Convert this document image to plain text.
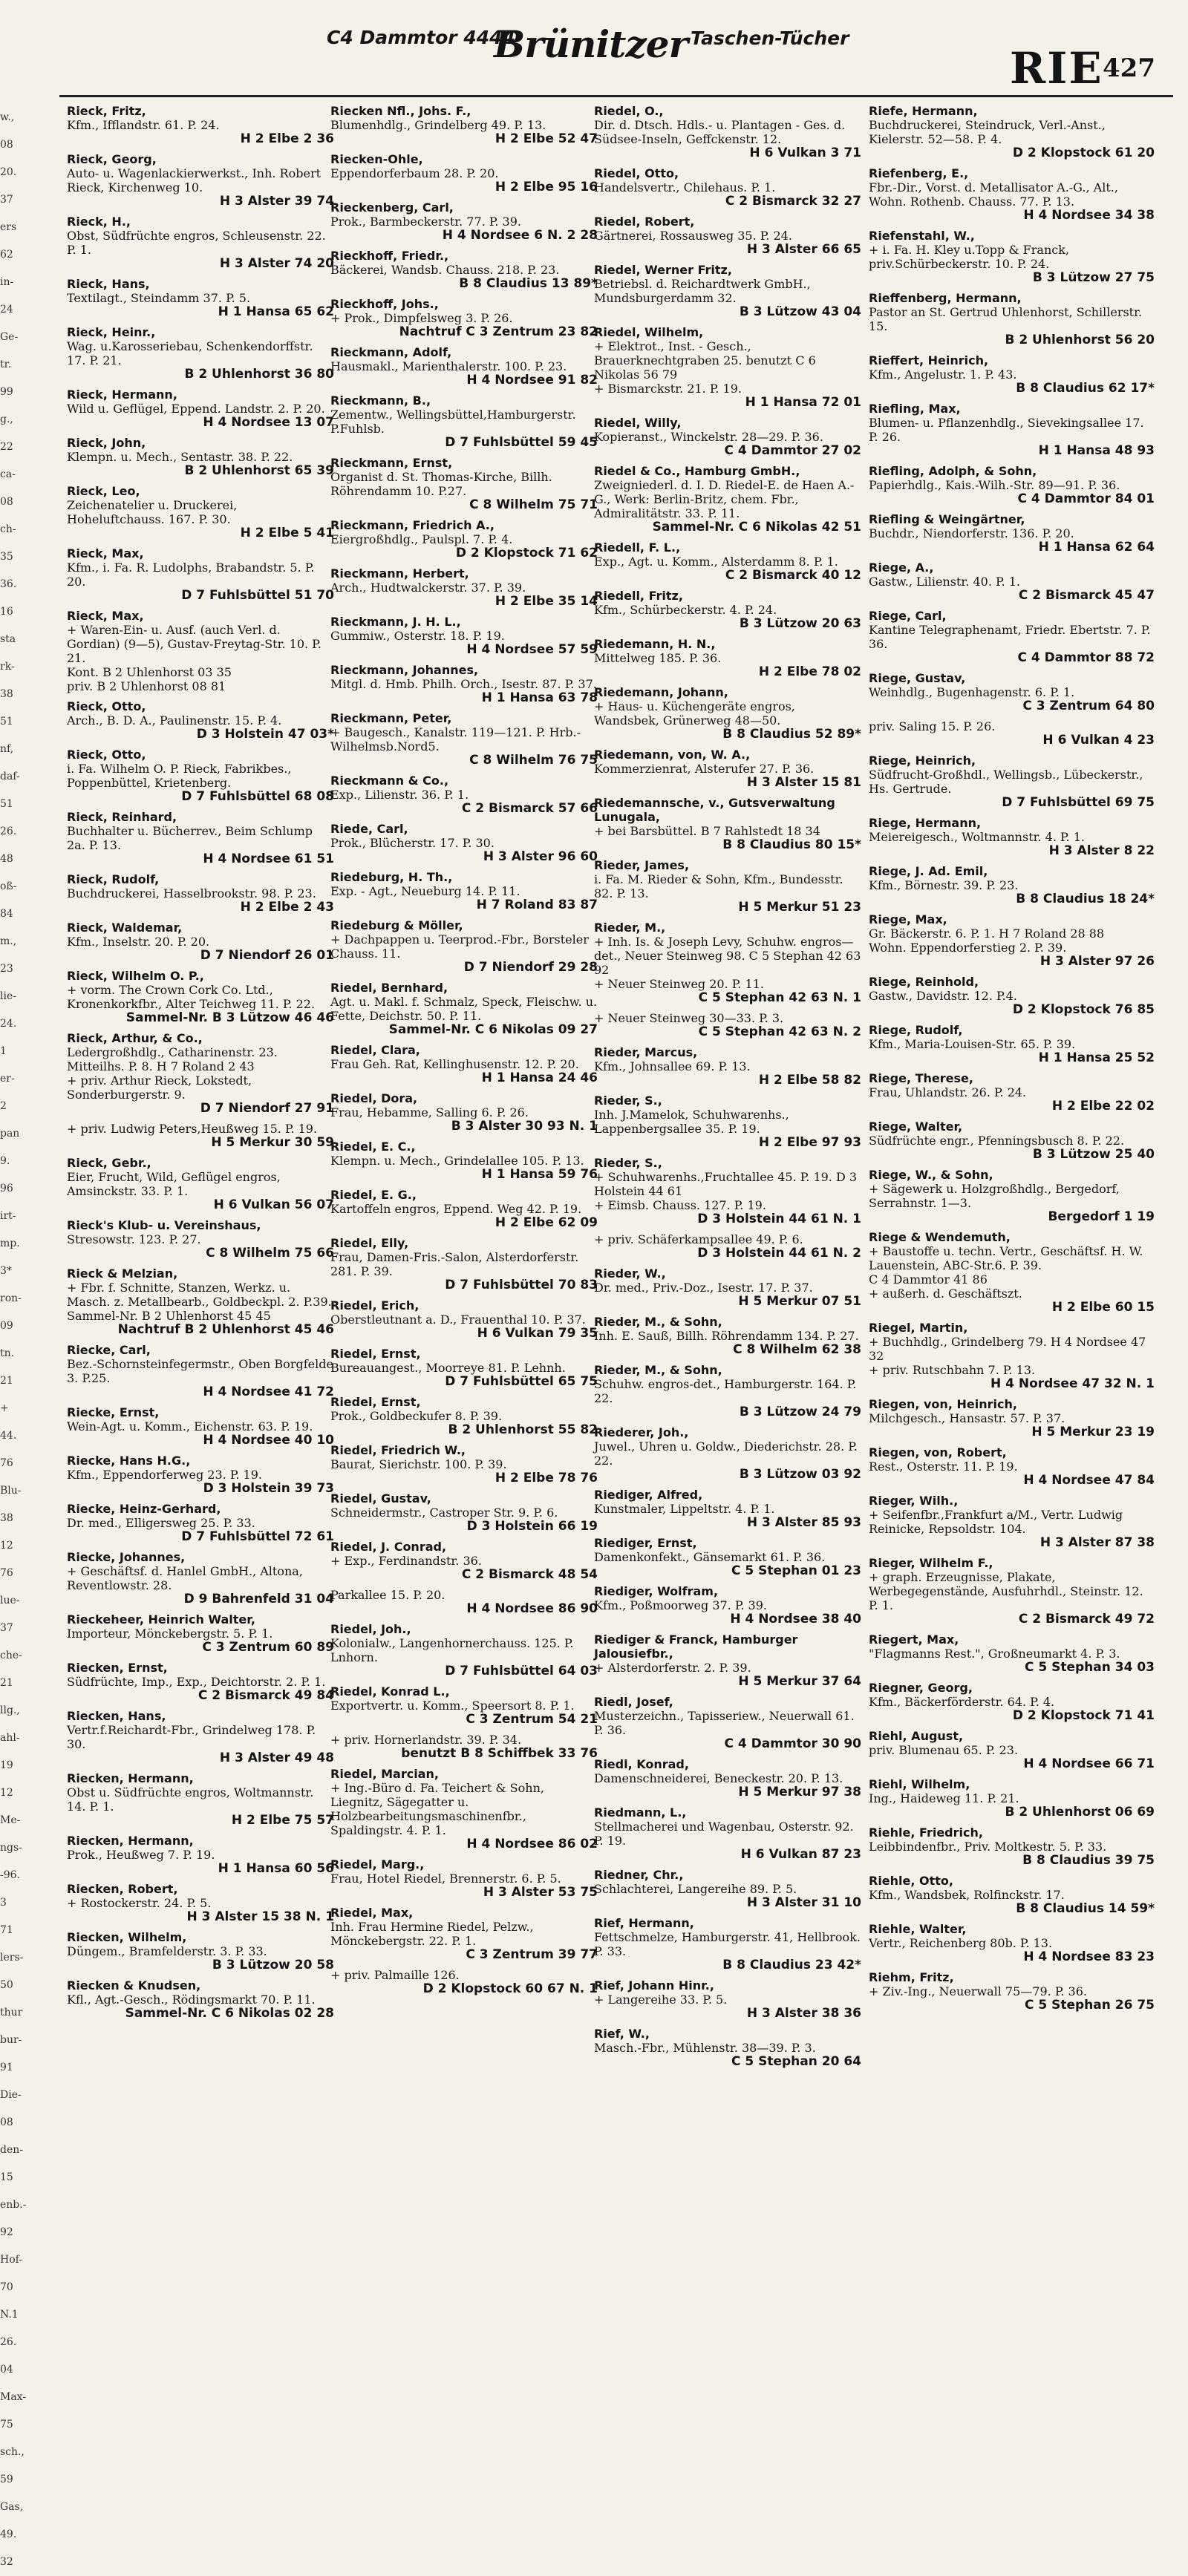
C4 Dammtor 4444
Brünitzer Taschen-Tücher
RIE 427
w.,
08
20.
37
ers
62
in-
24
Ge-
tr.
99
g.,
22
ca-
08
ch-
35
36.
16
sta
rk-
38
51
nf,
daf-
51
26.
48
oß-
84
m.,
23
lie-
24.
1
er-
2
pan
9.
96
irt-
mp.
3*
ron-
09
tn.
21
+
44.
76
Blu-
38
12
76
lue-
37
che-
21
llg.,
ahl-
19
12
Me-
ngs-
-96.
3
71
lers-
50
thur
bur-
91
Die-
08
den-
15
enb.-
92
Hof-
70
N.1
26.
04
Max-
75
sch.,
59
Gas,
49.
32
Rieck, Fritz,
Kfm., Ifflandstr. 61. P. 24.
H 2 Elbe 2 36
Rieck, Georg,
Auto- u. Wagenlackierwerkst., Inh. Robert Rieck, Kirchenweg 10.
H 3 Alster 39 74
Rieck, H.,
Obst, Südfrüchte engros, Schleusenstr. 22. P. 1.
H 3 Alster 74 20
Rieck, Hans,
Textilagt., Steindamm 37. P. 5.
H 1 Hansa 65 62
Rieck, Heinr.,
Wag. u.Karosseriebau, Schenkendorffstr. 17. P. 21.
B 2 Uhlenhorst 36 80
Rieck, Hermann,
Wild u. Geflügel, Eppend. Landstr. 2. P. 20.
H 4 Nordsee 13 07
Rieck, John,
Klempn. u. Mech., Sentastr. 38. P. 22.
B 2 Uhlenhorst 65 39
Rieck, Leo,
Zeichenatelier u. Druckerei, Hoheluftchauss. 167. P. 30.
H 2 Elbe 5 41
Rieck, Max,
Kfm., i. Fa. R. Ludolphs, Brabandstr. 5. P. 20.
D 7 Fuhlsbüttel 51 70
Rieck, Max,
+ Waren-Ein- u. Ausf. (auch Verl. d. Gordian) (9—5), Gustav-Freytag-Str. 10. P. 21.
Kont. B 2 Uhlenhorst 03 35
priv. B 2 Uhlenhorst 08 81
Rieck, Otto,
Arch., B. D. A., Paulinenstr. 15. P. 4.
D 3 Holstein 47 03*
Rieck, Otto,
i. Fa. Wilhelm O. P. Rieck, Fabrikbes., Poppenbüttel, Krietenberg.
D 7 Fuhlsbüttel 68 08
Rieck, Reinhard,
Buchhalter u. Bücherrev., Beim Schlump 2a. P. 13.
H 4 Nordsee 61 51
Rieck, Rudolf,
Buchdruckerei, Hasselbrookstr. 98. P. 23.
H 2 Elbe 2 43
Rieck, Waldemar,
Kfm., Inselstr. 20. P. 20.
D 7 Niendorf 26 01
Rieck, Wilhelm O. P.,
+ vorm. The Crown Cork Co. Ltd., Kronenkorkfbr., Alter Teichweg 11. P. 22.
Sammel-Nr. B 3 Lützow 46 46
Rieck, Arthur, & Co.,
Ledergroßhdlg., Catharinenstr. 23. Mitteilhs. P. 8. H 7 Roland 2 43
+ priv. Arthur Rieck, Lokstedt, Sonderburgerstr. 9.
D 7 Niendorf 27 91
+ priv. Ludwig Peters,Heußweg 15. P. 19.
H 5 Merkur 30 59
Rieck, Gebr.,
Eier, Frucht, Wild, Geflügel engros, Amsinckstr. 33. P. 1.
H 6 Vulkan 56 07
Rieck's Klub- u. Vereinshaus,
Stresowstr. 123. P. 27.
C 8 Wilhelm 75 66
Rieck & Melzian,
+ Fbr. f. Schnitte, Stanzen, Werkz. u. Masch. z. Metallbearb., Goldbeckpl. 2. P.39.
Sammel-Nr. B 2 Uhlenhorst 45 45
Nachtruf B 2 Uhlenhorst 45 46
Riecke, Carl,
Bez.-Schornsteinfegermstr., Oben Borgfelde 3. P.25.
H 4 Nordsee 41 72
Riecke, Ernst,
Wein-Agt. u. Komm., Eichenstr. 63. P. 19.
H 4 Nordsee 40 10
Riecke, Hans H.G.,
Kfm., Eppendorferweg 23. P. 19.
D 3 Holstein 39 73
Riecke, Heinz-Gerhard,
Dr. med., Elligersweg 25. P. 33.
D 7 Fuhlsbüttel 72 61
Riecke, Johannes,
+ Geschäftsf. d. Hanlel GmbH., Altona, Reventlowstr. 28.
D 9 Bahrenfeld 31 04
Rieckeheer, Heinrich Walter,
Importeur, Mönckebergstr. 5. P. 1.
C 3 Zentrum 60 89
Riecken, Ernst,
Südfrüchte, Imp., Exp., Deichtorstr. 2. P. 1.
C 2 Bismarck 49 84
Riecken, Hans,
Vertr.f.Reichardt-Fbr., Grindelweg 178. P. 30.
H 3 Alster 49 48
Riecken, Hermann,
Obst u. Südfrüchte engros, Woltmannstr. 14. P. 1.
H 2 Elbe 75 57
Riecken, Hermann,
Prok., Heußweg 7. P. 19.
H 1 Hansa 60 56
Riecken, Robert,
+ Rostockerstr. 24. P. 5.
H 3 Alster 15 38 N. 1
Riecken, Wilhelm,
Düngem., Bramfelderstr. 3. P. 33.
B 3 Lützow 20 58
Riecken & Knudsen,
Kfl., Agt.-Gesch., Rödingsmarkt 70. P. 11.
Sammel-Nr. C 6 Nikolas 02 28
Riecken Nfl., Johs. F.,
Blumenhdlg., Grindelberg 49. P. 13.
H 2 Elbe 52 47
Riecken-Ohle,
Eppendorferbaum 28. P. 20.
H 2 Elbe 95 16
Rieckenberg, Carl,
Prok., Barmbeckerstr. 77. P. 39.
H 4 Nordsee 6 N. 2 28
Rieckhoff, Friedr.,
Bäckerei, Wandsb. Chauss. 218. P. 23.
B 8 Claudius 13 89*
Rieckhoff, Johs.,
+ Prok., Dimpfelsweg 3. P. 26.
Nachtruf C 3 Zentrum 23 82
Rieckmann, Adolf,
Hausmakl., Marienthalerstr. 100. P. 23.
H 4 Nordsee 91 82
Rieckmann, B.,
Zementw., Wellingsbüttel,Hamburgerstr. P.Fuhlsb.
D 7 Fuhlsbüttel 59 45
Rieckmann, Ernst,
Organist d. St. Thomas-Kirche, Billh. Röhrendamm 10. P.27.
C 8 Wilhelm 75 71
Rieckmann, Friedrich A.,
Eiergroßhdlg., Paulspl. 7. P. 4.
D 2 Klopstock 71 62
Rieckmann, Herbert,
Arch., Hudtwalckerstr. 37. P. 39.
H 2 Elbe 35 14
Rieckmann, J. H. L.,
Gummiw., Osterstr. 18. P. 19.
H 4 Nordsee 57 59
Rieckmann, Johannes,
Mitgl. d. Hmb. Philh. Orch., Isestr. 87. P. 37.
H 1 Hansa 63 78
Rieckmann, Peter,
+ Baugesch., Kanalstr. 119—121. P. Hrb.-Wilhelmsb.Nord5.
C 8 Wilhelm 76 75
Rieckmann & Co.,
Exp., Lilienstr. 36. P. 1.
C 2 Bismarck 57 66
Riede, Carl,
Prok., Blücherstr. 17. P. 30.
H 3 Alster 96 60
Riedeburg, H. Th.,
Exp. - Agt., Neueburg 14. P. 11.
H 7 Roland 83 87
Riedeburg & Möller,
+ Dachpappen u. Teerprod.-Fbr., Borsteler Chauss. 11.
D 7 Niendorf 29 28
Riedel, Bernhard,
Agt. u. Makl. f. Schmalz, Speck, Fleischw. u. Fette, Deichstr. 50. P. 11.
Sammel-Nr. C 6 Nikolas 09 27
Riedel, Clara,
Frau Geh. Rat, Kellinghusenstr. 12. P. 20.
H 1 Hansa 24 46
Riedel, Dora,
Frau, Hebamme, Salling 6. P. 26.
B 3 Alster 30 93 N. 1
Riedel, E. C.,
Klempn. u. Mech., Grindelallee 105. P. 13.
H 1 Hansa 59 76
Riedel, E. G.,
Kartoffeln engros, Eppend. Weg 42. P. 19.
H 2 Elbe 62 09
Riedel, Elly,
Frau, Damen-Fris.-Salon, Alsterdorferstr. 281. P. 39.
D 7 Fuhlsbüttel 70 83
Riedel, Erich,
Oberstleutnant a. D., Frauenthal 10. P. 37.
H 6 Vulkan 79 35
Riedel, Ernst,
Bureauangest., Moorreye 81. P. Lehnh.
D 7 Fuhlsbüttel 65 75
Riedel, Ernst,
Prok., Goldbeckufer 8. P. 39.
B 2 Uhlenhorst 55 82
Riedel, Friedrich W.,
Baurat, Sierichstr. 100. P. 39.
H 2 Elbe 78 76
Riedel, Gustav,
Schneidermstr., Castroper Str. 9. P. 6.
D 3 Holstein 66 19
Riedel, J. Conrad,
+ Exp., Ferdinandstr. 36.
C 2 Bismarck 48 54
Parkallee 15. P. 20.
H 4 Nordsee 86 90
Riedel, Joh.,
Kolonialw., Langenhornerchauss. 125. P. Lnhorn.
D 7 Fuhlsbüttel 64 03
Riedel, Konrad L.,
Exportvertr. u. Komm., Speersort 8. P. 1.
C 3 Zentrum 54 21
+ priv. Hornerlandstr. 39. P. 34.
benutzt B 8 Schiffbek 33 76
Riedel, Marcian,
+ Ing.-Büro d. Fa. Teichert & Sohn, Liegnitz, Sägegatter u. Holzbearbeitungsmaschinenfbr., Spaldingstr. 4. P. 1.
H 4 Nordsee 86 02
Riedel, Marg.,
Frau, Hotel Riedel, Brennerstr. 6. P. 5.
H 3 Alster 53 75
Riedel, Max,
Inh. Frau Hermine Riedel, Pelzw., Mönckebergstr. 22. P. 1.
C 3 Zentrum 39 77
+ priv. Palmaille 126.
D 2 Klopstock 60 67 N. 1
Riedel, O.,
Dir. d. Dtsch. Hdls.- u. Plantagen - Ges. d. Südsee-Inseln, Geffckenstr. 12.
H 6 Vulkan 3 71
Riedel, Otto,
Handelsvertr., Chilehaus. P. 1.
C 2 Bismarck 32 27
Riedel, Robert,
Gärtnerei, Rossausweg 35. P. 24.
H 3 Alster 66 65
Riedel, Werner Fritz,
Betriebsl. d. Reichardtwerk GmbH., Mundsburgerdamm 32.
B 3 Lützow 43 04
Riedel, Wilhelm,
+ Elektrot., Inst. - Gesch., Brauerknechtgraben 25. benutzt C 6 Nikolas 56 79
+ Bismarckstr. 21. P. 19.
H 1 Hansa 72 01
Riedel, Willy,
Kopieranst., Winckelstr. 28—29. P. 36.
C 4 Dammtor 27 02
Riedel & Co., Hamburg GmbH.,
Zweigniederl. d. I. D. Riedel-E. de Haen A.-G., Werk: Berlin-Britz, chem. Fbr., Admiralitätstr. 33. P. 11.
Sammel-Nr. C 6 Nikolas 42 51
Riedell, F. L.,
Exp., Agt. u. Komm., Alsterdamm 8. P. 1.
C 2 Bismarck 40 12
Riedell, Fritz,
Kfm., Schürbeckerstr. 4. P. 24.
B 3 Lützow 20 63
Riedemann, H. N.,
Mittelweg 185. P. 36.
H 2 Elbe 78 02
Riedemann, Johann,
+ Haus- u. Küchengeräte engros, Wandsbek, Grünerweg 48—50.
B 8 Claudius 52 89*
Riedemann, von, W. A.,
Kommerzienrat, Alsterufer 27. P. 36.
H 3 Alster 15 81
Riedemannsche, v., Gutsverwaltung Lunugala,
+ bei Barsbüttel. B 7 Rahlstedt 18 34
B 8 Claudius 80 15*
Rieder, James,
i. Fa. M. Rieder & Sohn, Kfm., Bundesstr. 82. P. 13.
H 5 Merkur 51 23
Rieder, M.,
+ Inh. Is. & Joseph Levy, Schuhw. engros—det., Neuer Steinweg 98. C 5 Stephan 42 63 92
+ Neuer Steinweg 20. P. 11.
C 5 Stephan 42 63 N. 1
+ Neuer Steinweg 30—33. P. 3.
C 5 Stephan 42 63 N. 2
Rieder, Marcus,
Kfm., Johnsallee 69. P. 13.
H 2 Elbe 58 82
Rieder, S.,
Inh. J.Mamelok, Schuhwarenhs., Lappenbergsallee 35. P. 19.
H 2 Elbe 97 93
Rieder, S.,
+ Schuhwarenhs.,Fruchtallee 45. P. 19. D 3 Holstein 44 61
+ Eimsb. Chauss. 127. P. 19.
D 3 Holstein 44 61 N. 1
+ priv. Schäferkampsallee 49. P. 6.
D 3 Holstein 44 61 N. 2
Rieder, W.,
Dr. med., Priv.-Doz., Isestr. 17. P. 37.
H 5 Merkur 07 51
Rieder, M., & Sohn,
Inh. E. Sauß, Billh. Röhrendamm 134. P. 27.
C 8 Wilhelm 62 38
Rieder, M., & Sohn,
Schuhw. engros-det., Hamburgerstr. 164. P. 22.
B 3 Lützow 24 79
Riederer, Joh.,
Juwel., Uhren u. Goldw., Diederichstr. 28. P. 22.
B 3 Lützow 03 92
Riediger, Alfred,
Kunstmaler, Lippeltstr. 4. P. 1.
H 3 Alster 85 93
Riediger, Ernst,
Damenkonfekt., Gänsemarkt 61. P. 36.
C 5 Stephan 01 23
Riediger, Wolfram,
Kfm., Poßmoorweg 37. P. 39.
H 4 Nordsee 38 40
Riediger & Franck, Hamburger Jalousiefbr.,
+ Alsterdorferstr. 2. P. 39.
H 5 Merkur 37 64
Riedl, Josef,
Musterzeichn., Tapisseriew., Neuerwall 61. P. 36.
C 4 Dammtor 30 90
Riedl, Konrad,
Damenschneiderei, Beneckestr. 20. P. 13.
H 5 Merkur 97 38
Riedmann, L.,
Stellmacherei und Wagenbau, Osterstr. 92. P. 19.
H 6 Vulkan 87 23
Riedner, Chr.,
Schlachterei, Langereihe 89. P. 5.
H 3 Alster 31 10
Rief, Hermann,
Fettschmelze, Hamburgerstr. 41, Hellbrook. P. 33.
B 8 Claudius 23 42*
Rief, Johann Hinr.,
+ Langereihe 33. P. 5.
H 3 Alster 38 36
Rief, W.,
Masch.-Fbr., Mühlenstr. 38—39. P. 3.
C 5 Stephan 20 64
Riefe, Hermann,
Buchdruckerei, Steindruck, Verl.-Anst., Kielerstr. 52—58. P. 4.
D 2 Klopstock 61 20
Riefenberg, E.,
Fbr.-Dir., Vorst. d. Metallisator A.-G., Alt., Wohn. Rothenb. Chauss. 77. P. 13.
H 4 Nordsee 34 38
Riefenstahl, W.,
+ i. Fa. H. Kley u.Topp & Franck, priv.Schürbeckerstr. 10. P. 24.
B 3 Lützow 27 75
Rieffenberg, Hermann,
Pastor an St. Gertrud Uhlenhorst, Schillerstr. 15.
B 2 Uhlenhorst 56 20
Rieffert, Heinrich,
Kfm., Angelustr. 1. P. 43.
B 8 Claudius 62 17*
Riefling, Max,
Blumen- u. Pflanzenhdlg., Sievekingsallee 17. P. 26.
H 1 Hansa 48 93
Riefling, Adolph, & Sohn,
Papierhdlg., Kais.-Wilh.-Str. 89—91. P. 36.
C 4 Dammtor 84 01
Riefling & Weingärtner,
Buchdr., Niendorferstr. 136. P. 20.
H 1 Hansa 62 64
Riege, A.,
Gastw., Lilienstr. 40. P. 1.
C 2 Bismarck 45 47
Riege, Carl,
Kantine Telegraphenamt, Friedr. Ebertstr. 7. P. 36.
C 4 Dammtor 88 72
Riege, Gustav,
Weinhdlg., Bugenhagenstr. 6. P. 1.
C 3 Zentrum 64 80
priv. Saling 15. P. 26.
H 6 Vulkan 4 23
Riege, Heinrich,
Südfrucht-Großhdl., Wellingsb., Lübeckerstr., Hs. Gertrude.
D 7 Fuhlsbüttel 69 75
Riege, Hermann,
Meiereigesch., Woltmannstr. 4. P. 1.
H 3 Alster 8 22
Riege, J. Ad. Emil,
Kfm., Börnestr. 39. P. 23.
B 8 Claudius 18 24*
Riege, Max,
Gr. Bäckerstr. 6. P. 1. H 7 Roland 28 88
Wohn. Eppendorferstieg 2. P. 39.
H 3 Alster 97 26
Riege, Reinhold,
Gastw., Davidstr. 12. P.4.
D 2 Klopstock 76 85
Riege, Rudolf,
Kfm., Maria-Louisen-Str. 65. P. 39.
H 1 Hansa 25 52
Riege, Therese,
Frau, Uhlandstr. 26. P. 24.
H 2 Elbe 22 02
Riege, Walter,
Südfrüchte engr., Pfenningsbusch 8. P. 22.
B 3 Lützow 25 40
Riege, W., & Sohn,
+ Sägewerk u. Holzgroßhdlg., Bergedorf, Serrahnstr. 1—3.
Bergedorf 1 19
Riege & Wendemuth,
+ Baustoffe u. techn. Vertr., Geschäftsf. H. W. Lauenstein, ABC-Str.6. P. 39.
C 4 Dammtor 41 86
+ außerh. d. Geschäftszt.
H 2 Elbe 60 15
Riegel, Martin,
+ Buchhdlg., Grindelberg 79. H 4 Nordsee 47 32
+ priv. Rutschbahn 7. P. 13.
H 4 Nordsee 47 32 N. 1
Riegen, von, Heinrich,
Milchgesch., Hansastr. 57. P. 37.
H 5 Merkur 23 19
Riegen, von, Robert,
Rest., Osterstr. 11. P. 19.
H 4 Nordsee 47 84
Rieger, Wilh.,
+ Seifenfbr.,Frankfurt a/M., Vertr. Ludwig Reinicke, Repsoldstr. 104.
H 3 Alster 87 38
Rieger, Wilhelm F.,
+ graph. Erzeugnisse, Plakate, Werbegegenstände, Ausfuhrhdl., Steinstr. 12. P. 1.
C 2 Bismarck 49 72
Riegert, Max,
"Flagmanns Rest.", Großneumarkt 4. P. 3.
C 5 Stephan 34 03
Riegner, Georg,
Kfm., Bäckerförderstr. 64. P. 4.
D 2 Klopstock 71 41
Riehl, August,
priv. Blumenau 65. P. 23.
H 4 Nordsee 66 71
Riehl, Wilhelm,
Ing., Haideweg 11. P. 21.
B 2 Uhlenhorst 06 69
Riehle, Friedrich,
Leibbindenfbr., Priv. Moltkestr. 5. P. 33.
B 8 Claudius 39 75
Riehle, Otto,
Kfm., Wandsbek, Rolfinckstr. 17.
B 8 Claudius 14 59*
Riehle, Walter,
Vertr., Reichenberg 80b. P. 13.
H 4 Nordsee 83 23
Riehm, Fritz,
+ Ziv.-Ing., Neuerwall 75—79. P. 36.
C 5 Stephan 26 75
